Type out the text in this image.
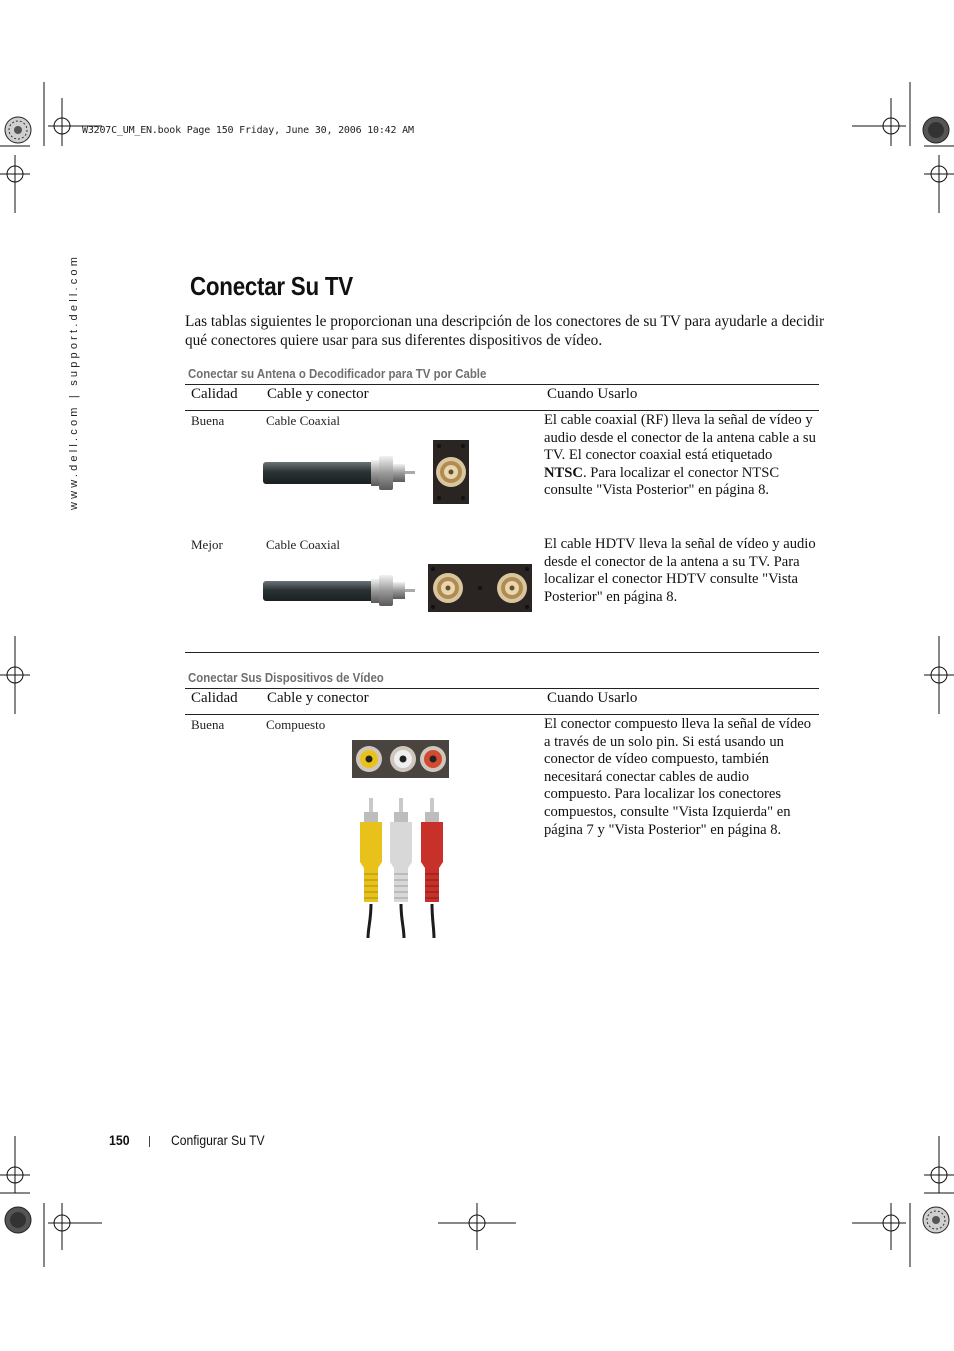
W3207C_UM_EN.book Page 150 Friday, June 30, 2006 10:42 AM
www.dell.com | support.dell.com	Conectar Su TV
Las tablas siguientes le proporcionan una descripción de los conectores de su TV para ayudarle a decidir qué conectores quiere usar para sus diferentes dispositivos de vídeo.
Conectar su Antena o Decodificador para TV por Cable
Calidad Cable y conector	Cuando Usarlo
Buena	Cable Coaxial	El cable coaxial (RF) lleva la señal de vídeo y audio desde el conector de la antena cable a su TV. El conector coaxial está etiquetado NTSC. Para localizar el conector NTSC consulte "Vista Posterior" en página 8.
Mejor	Cable Coaxial	El cable HDTV lleva la señal de vídeo y audio desde el conector de la antena a su TV. Para localizar el conector HDTV consulte "Vista Posterior" en página 8.
Conectar Sus Dispositivos de Vídeo
Calidad Cable y conector	Cuando Usarlo
Buena	Compuesto	El conector compuesto lleva la señal de vídeo a través de un solo pin. Si está usando un conector de vídeo compuesto, también necesitará conectar cables de audio compuesto. Para localizar los conectores compuestos, consulte "Vista Izquierda" en página 7 y "Vista Posterior" en página 8.
150	Configurar Su TV
